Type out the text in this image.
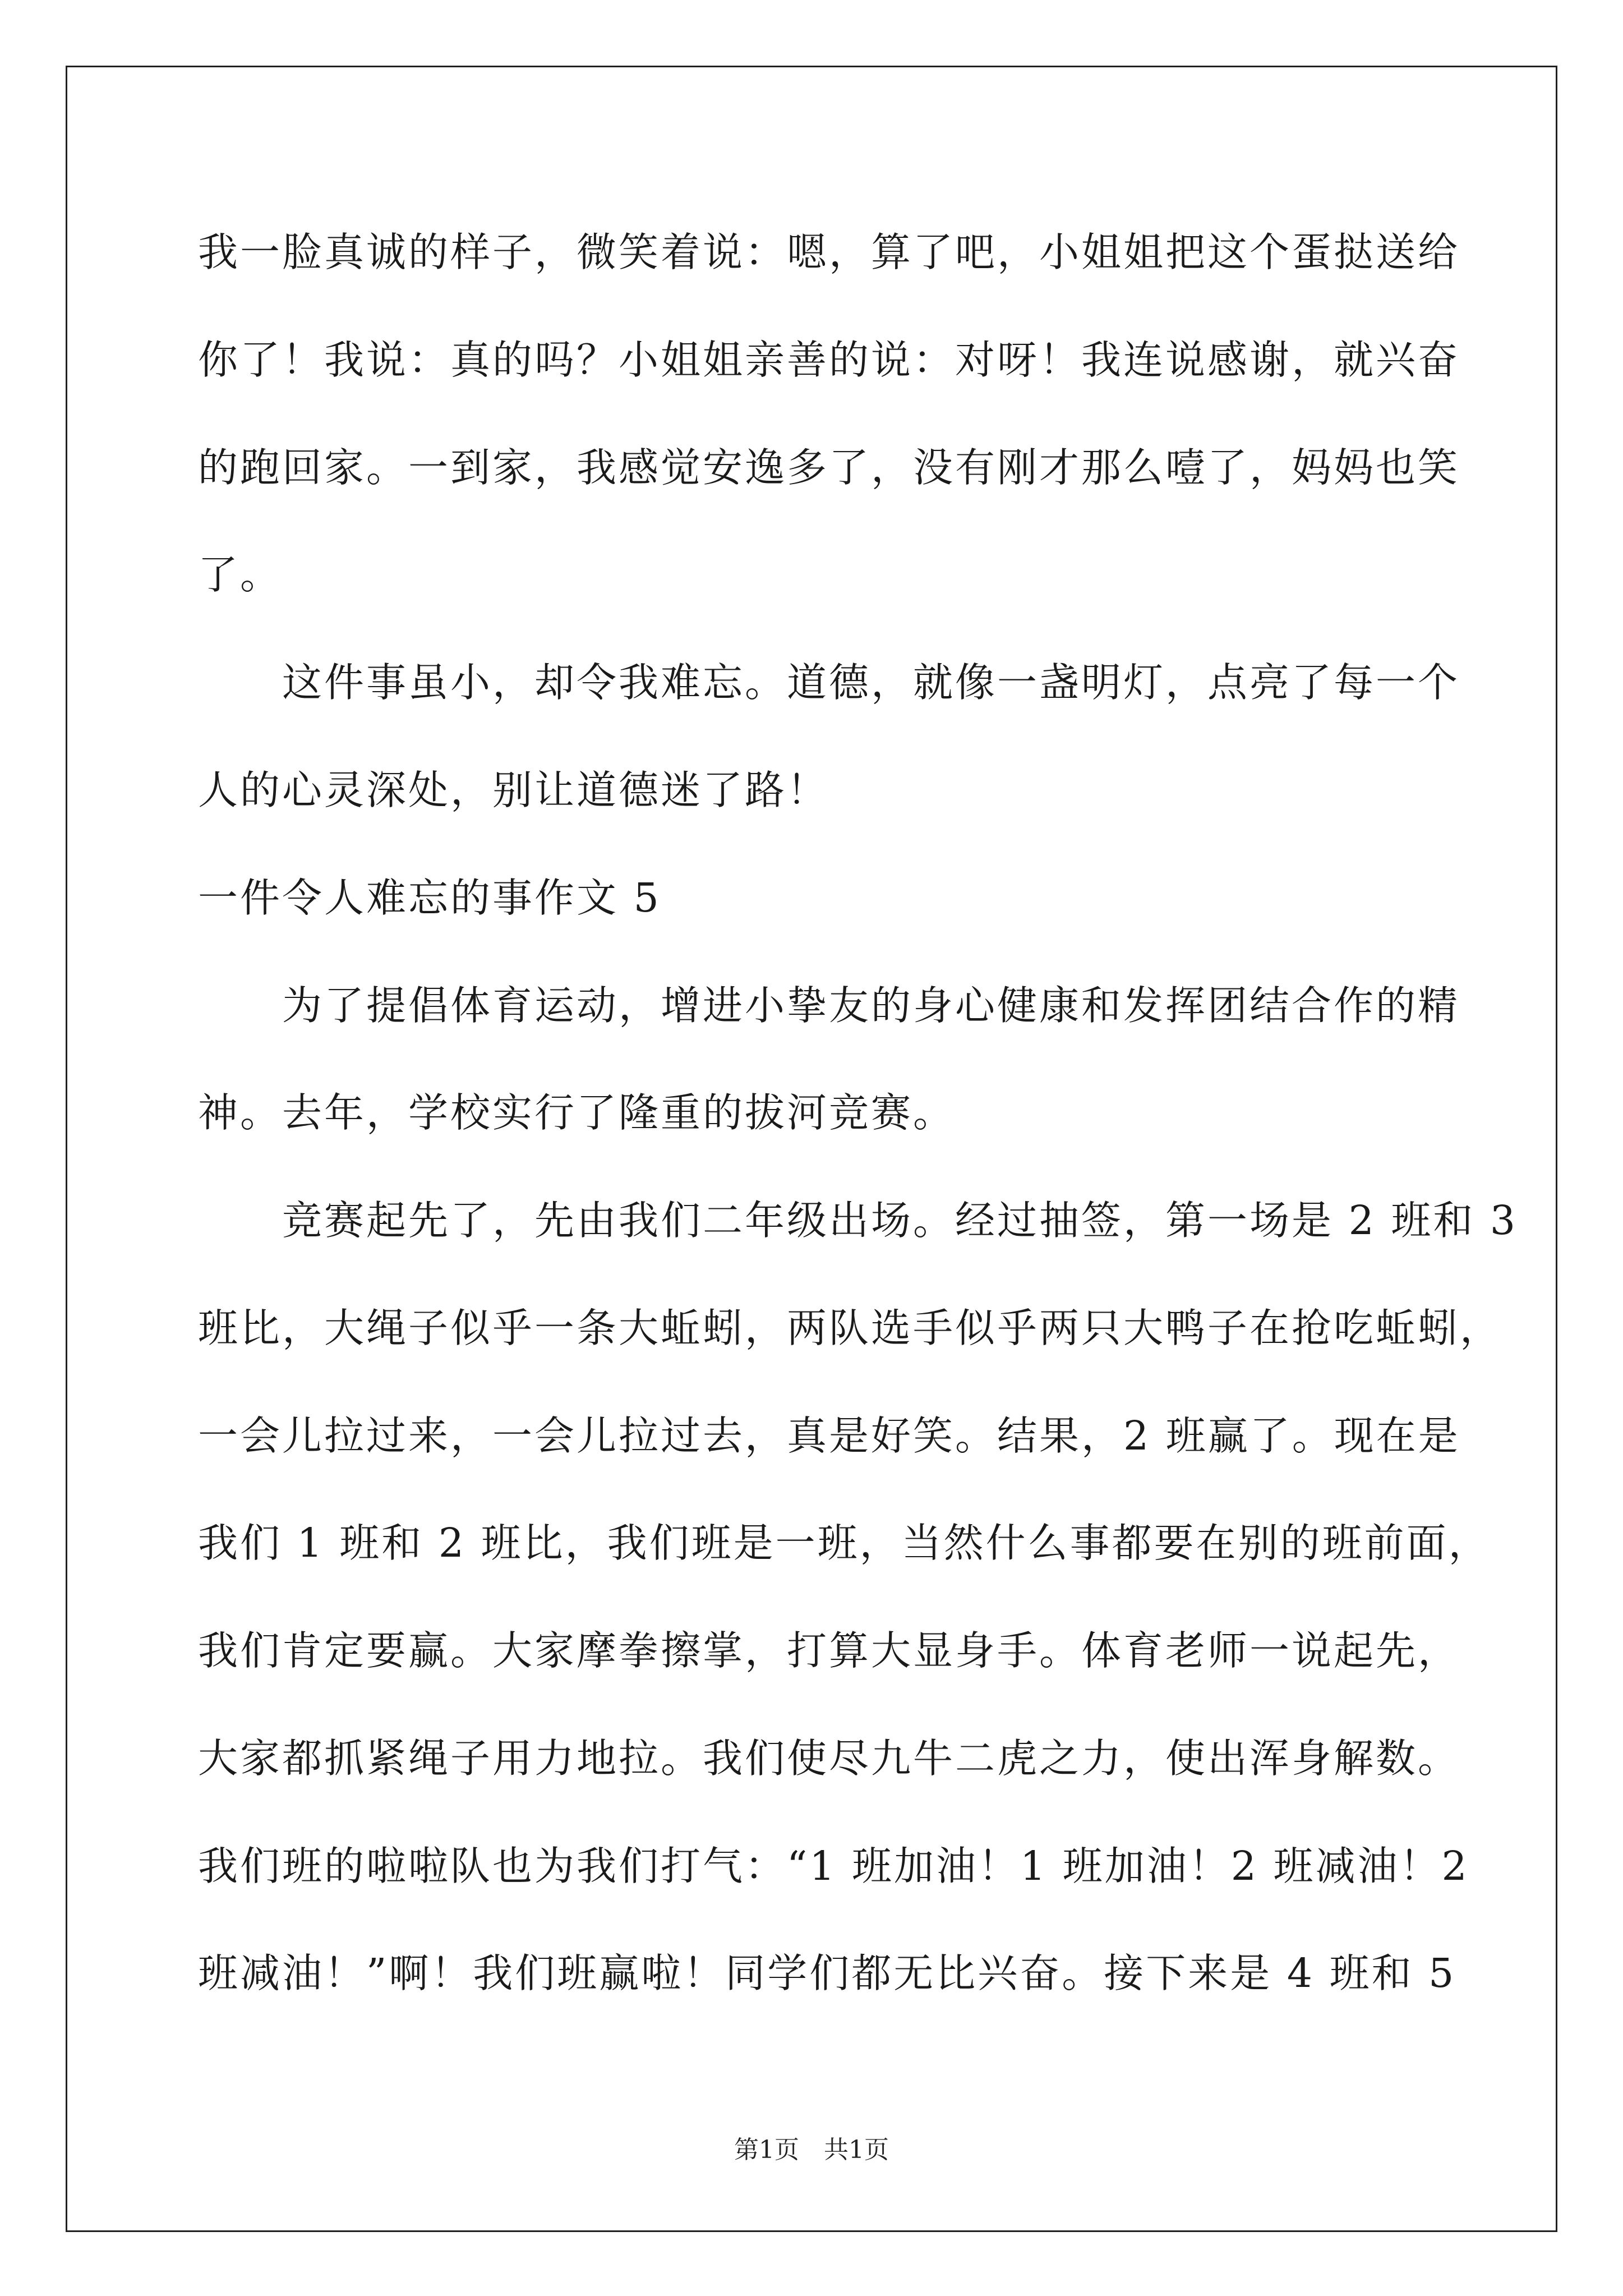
我一脸真诚的样子，微笑着说：嗯，算了吧，小姐姐把这个蛋挞送给
你了！我说：真的吗？小姐姐亲善的说：对呀！我连说感谢，就兴奋
的跑回家。一到家，我感觉安逸多了，没有刚才那么噎了，妈妈也笑
了。
　　这件事虽小，却令我难忘。道德，就像一盏明灯，点亮了每一个
人的心灵深处，别让道德迷了路！
一件令人难忘的事作文 5
　　为了提倡体育运动，增进小挚友的身心健康和发挥团结合作的精
神。去年，学校实行了隆重的拔河竞赛。
　　竞赛起先了，先由我们二年级出场。经过抽签，第一场是 2 班和 3
班比，大绳子似乎一条大蚯蚓，两队选手似乎两只大鸭子在抢吃蚯蚓，
一会儿拉过来，一会儿拉过去，真是好笑。结果，2 班赢了。现在是
我们 1 班和 2 班比，我们班是一班，当然什么事都要在别的班前面，
我们肯定要赢。大家摩拳擦掌，打算大显身手。体育老师一说起先，
大家都抓紧绳子用力地拉。我们使尽九牛二虎之力，使出浑身解数。
我们班的啦啦队也为我们打气：“1 班加油！1 班加油！2 班减油！2
班减油！”啊！我们班赢啦！同学们都无比兴奋。接下来是 4 班和 5
第1页　共1页
